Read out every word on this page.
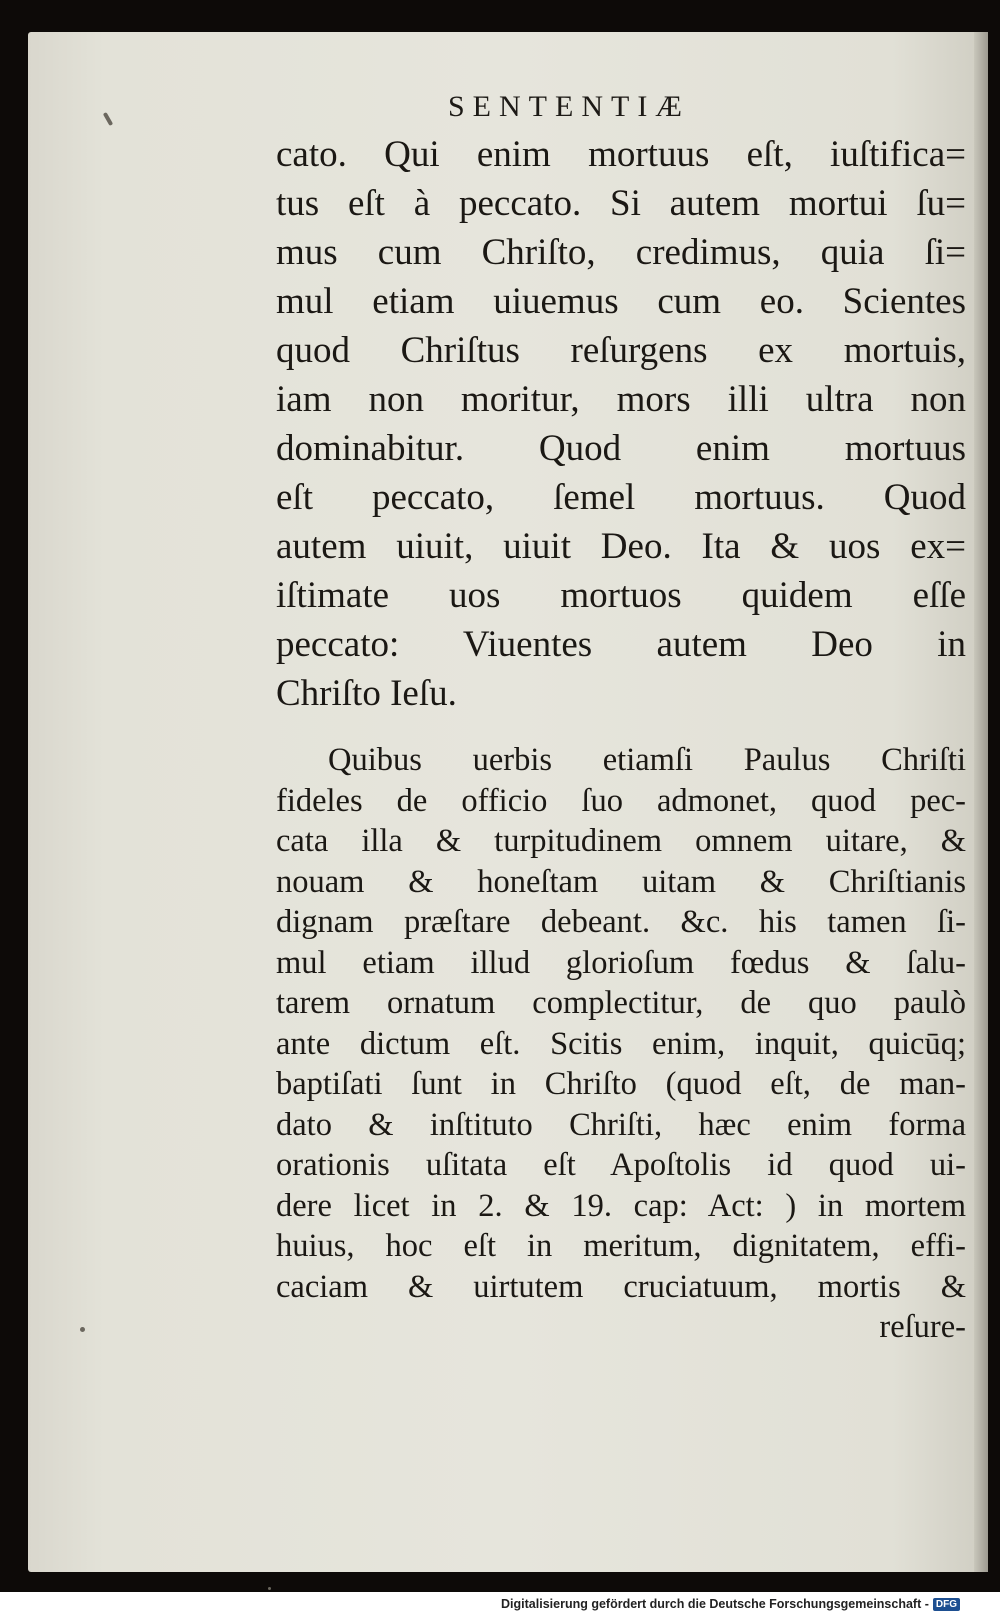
SENTENTIÆ
cato. Qui enim mortuus eſt, iuſtifica=
tus eſt à peccato. Si autem mortui ſu=
mus cum Chriſto, credimus, quia ſi=
mul etiam uiuemus cum eo. Scientes
quod Chriſtus reſurgens ex mortuis,
iam non moritur, mors illi ultra non
dominabitur. Quod enim mortuus
eſt peccato, ſemel mortuus. Quod
autem uiuit, uiuit Deo. Ita & uos ex=
iſtimate uos mortuos quidem eſſe
peccato: Viuentes autem Deo in
Chriſto Ieſu.
Quibus uerbis etiamſi Paulus Chriſti
fideles de officio ſuo admonet, quod pec-
cata illa & turpitudinem omnem uitare, &
nouam & honeſtam uitam & Chriſtianis
dignam præſtare debeant. &c. his tamen ſi-
mul etiam illud glorioſum fœdus & ſalu-
tarem ornatum complectitur, de quo paulò
ante dictum eſt. Scitis enim, inquit, quicūq;
baptiſati ſunt in Chriſto (quod eſt, de man-
dato & inſtituto Chriſti, hæc enim forma
orationis uſitata eſt Apoſtolis id quod ui-
dere licet in 2. & 19. cap: Act: ) in mortem
huius, hoc eſt in meritum, dignitatem, effi-
caciam & uirtutem cruciatuum, mortis &
reſure-
Digitalisierung gefördert durch die Deutsche Forschungsgemeinschaft - DFG
